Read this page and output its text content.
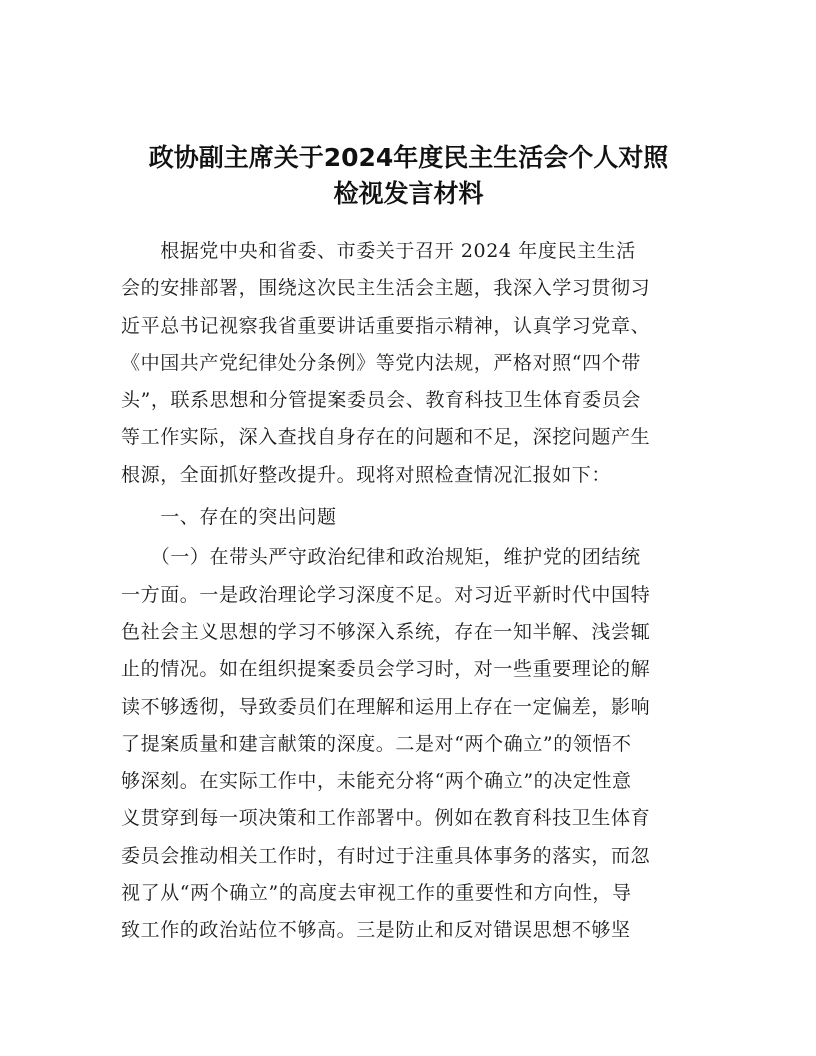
政协副主席关于2024年度民主生活会个人对照
检视发言材料

　　根据党中央和省委、市委关于召开 2024 年度民主生活
会的安排部署，围绕这次民主生活会主题，我深入学习贯彻习
近平总书记视察我省重要讲话重要指示精神，认真学习党章、
《中国共产党纪律处分条例》等党内法规，严格对照“四个带
头”，联系思想和分管提案委员会、教育科技卫生体育委员会
等工作实际，深入查找自身存在的问题和不足，深挖问题产生
根源，全面抓好整改提升。现将对照检查情况汇报如下：

　　一、存在的突出问题

　　（一）在带头严守政治纪律和政治规矩，维护党的团结统
一方面。一是政治理论学习深度不足。对习近平新时代中国特
色社会主义思想的学习不够深入系统，存在一知半解、浅尝辄
止的情况。如在组织提案委员会学习时，对一些重要理论的解
读不够透彻，导致委员们在理解和运用上存在一定偏差，影响
了提案质量和建言献策的深度。二是对“两个确立”的领悟不
够深刻。在实际工作中，未能充分将“两个确立”的决定性意
义贯穿到每一项决策和工作部署中。例如在教育科技卫生体育
委员会推动相关工作时，有时过于注重具体事务的落实，而忽
视了从“两个确立”的高度去审视工作的重要性和方向性，导
致工作的政治站位不够高。三是防止和反对错误思想不够坚
